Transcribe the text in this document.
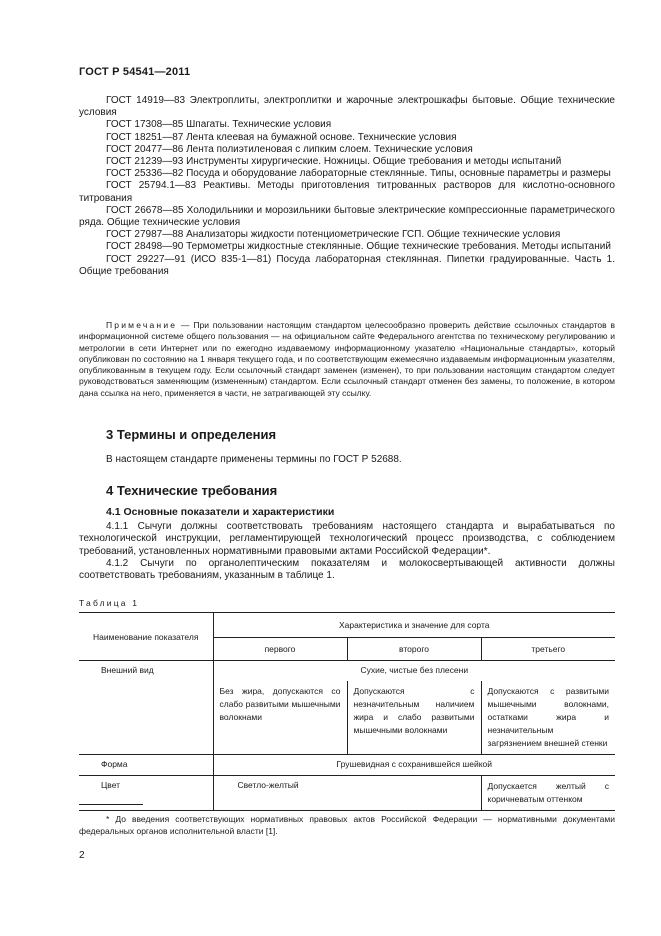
ГОСТ Р 54541—2011

ГОСТ 14919—83 Электроплиты, электроплитки и жарочные электрошкафы бытовые. Общие технические условия

ГОСТ 17308—85 Шпагаты. Технические условия

ГОСТ 18251—87 Лента клеевая на бумажной основе. Технические условия

ГОСТ 20477—86 Лента полиэтиленовая с липким слоем. Технические условия

ГОСТ 21239—93 Инструменты хирургические. Ножницы. Общие требования и методы испытаний

ГОСТ 25336—82 Посуда и оборудование лабораторные стеклянные. Типы, основные параметры и размеры

ГОСТ 25794.1—83 Реактивы. Методы приготовления титрованных растворов для кислотно-основного титрования

ГОСТ 26678—85 Холодильники и морозильники бытовые электрические компрессионные параметрического ряда. Общие технические условия

ГОСТ 27987—88 Анализаторы жидкости потенциометрические ГСП. Общие технические условия

ГОСТ 28498—90 Термометры жидкостные стеклянные. Общие технические требования. Методы испытаний

ГОСТ 29227—91 (ИСО 835-1—81) Посуда лабораторная стеклянная. Пипетки градуированные. Часть 1. Общие требования

Примечание — При пользовании настоящим стандартом целесообразно проверить действие ссылочных стандартов в информационной системе общего пользования — на официальном сайте Федерального агентства по техническому регулированию и метрологии в сети Интернет или по ежегодно издаваемому информационному указателю «Национальные стандарты», который опубликован по состоянию на 1 января текущего года, и по соответствующим ежемесячно издаваемым информационным указателям, опубликованным в текущем году. Если ссылочный стандарт заменен (изменен), то при пользовании настоящим стандартом следует руководствоваться заменяющим (измененным) стандартом. Если ссылочный стандарт отменен без замены, то положение, в котором дана ссылка на него, применяется в части, не затрагивающей эту ссылку.

3 Термины и определения

В настоящем стандарте применены термины по ГОСТ Р 52688.

4 Технические требования
4.1 Основные показатели и характеристики

4.1.1 Сычуги должны соответствовать требованиям настоящего стандарта и вырабатываться по технологической инструкции, регламентирующей технологический процесс производства, с соблюдением требований, установленных нормативными правовыми актами Российской Федерации*.

4.1.2 Сычуги по органолептическим показателям и молокосвертывающей активности должны соответствовать требованиям, указанным в таблице 1.

Таблица 1
Наименование показателя	Характеристика и значение для сорта		
	первого	второго	третьего
Внешний вид	Сухие, чистые без плесени		
	Без жира, допускаются со слабо развитыми мышечными волокнами	Допускаются с незначительным наличием жира и слабо развитыми мышечными волокнами	Допускаются с развитыми мышечными волокнами, остатками жира и незначительным загрязнением внешней стенки
Форма	Грушевидная с сохранившейся шейкой		
Цвет	Светло-желтый		Допускается желтый с коричневатым оттенком

* До введения соответствующих нормативных правовых актов Российской Федерации — нормативными документами федеральных органов исполнительной власти [1].

2
